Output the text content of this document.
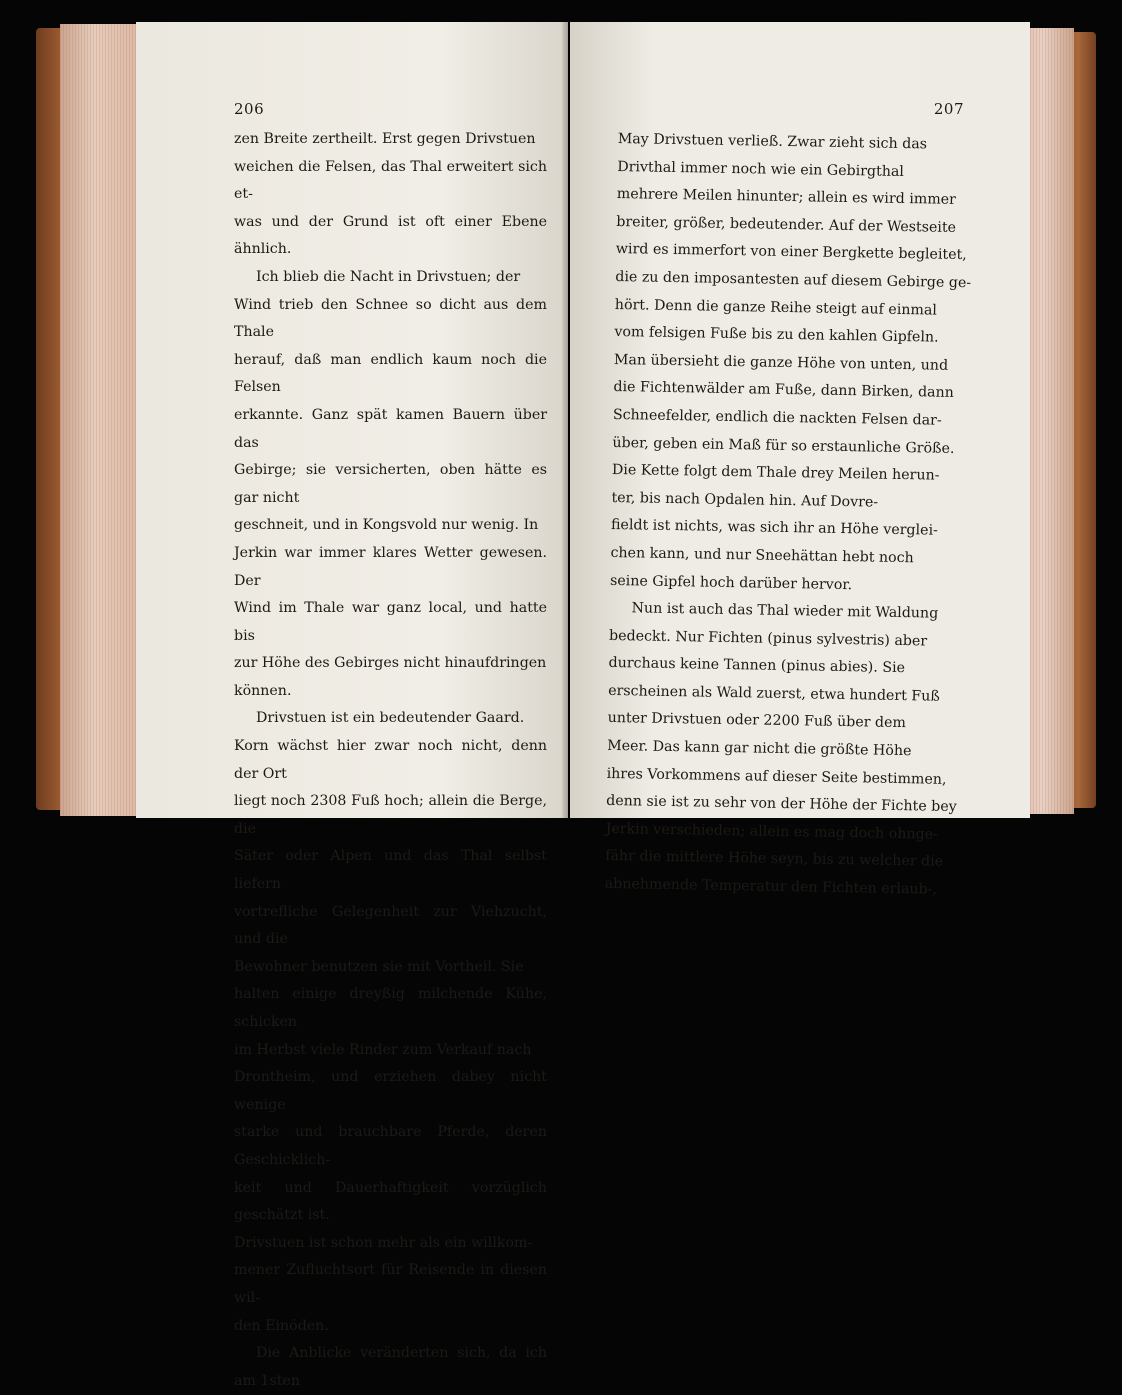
206
zen Breite zertheilt. Erst gegen Drivstuen
weichen die Felsen, das Thal erweitert sich et-
was und der Grund ist oft einer Ebene ähnlich.
Ich blieb die Nacht in Drivstuen; der
Wind trieb den Schnee so dicht aus dem Thale
herauf, daß man endlich kaum noch die Felsen
erkannte. Ganz spät kamen Bauern über das
Gebirge; sie versicherten, oben hätte es gar nicht
geschneit, und in Kongsvold nur wenig. In
Jerkin war immer klares Wetter gewesen. Der
Wind im Thale war ganz local, und hatte bis
zur Höhe des Gebirges nicht hinaufdringen
können.
Drivstuen ist ein bedeutender Gaard.
Korn wächst hier zwar noch nicht, denn der Ort
liegt noch 2308 Fuß hoch; allein die Berge, die
Säter oder Alpen und das Thal selbst liefern
vortrefliche Gelegenheit zur Viehzucht, und die
Bewohner benutzen sie mit Vortheil. Sie
halten einige dreyßig milchende Kühe, schicken
im Herbst viele Rinder zum Verkauf nach
Drontheim, und erziehen dabey nicht wenige
starke und brauchbare Pferde, deren Geschicklich-
keit und Dauerhaftigkeit vorzüglich geschätzt ist.
Drivstuen ist schon mehr als ein willkom-
mener Zufluchtsort für Reisende in diesen wil-
den Einöden.
Die Anblicke veränderten sich, da ich am 1sten
207
May Drivstuen verließ. Zwar zieht sich das
Drivthal immer noch wie ein Gebirgthal
mehrere Meilen hinunter; allein es wird immer
breiter, größer, bedeutender. Auf der Westseite
wird es immerfort von einer Bergkette begleitet,
die zu den imposantesten auf diesem Gebirge ge-
hört. Denn die ganze Reihe steigt auf einmal
vom felsigen Fuße bis zu den kahlen Gipfeln.
Man übersieht die ganze Höhe von unten, und
die Fichtenwälder am Fuße, dann Birken, dann
Schneefelder, endlich die nackten Felsen dar-
über, geben ein Maß für so erstaunliche Größe.
Die Kette folgt dem Thale drey Meilen herun-
ter, bis nach Opdalen hin. Auf Dovre-
fieldt ist nichts, was sich ihr an Höhe verglei-
chen kann, und nur Sneehättan hebt noch
seine Gipfel hoch darüber hervor.
Nun ist auch das Thal wieder mit Waldung
bedeckt. Nur Fichten (pinus sylvestris) aber
durchaus keine Tannen (pinus abies). Sie
erscheinen als Wald zuerst, etwa hundert Fuß
unter Drivstuen oder 2200 Fuß über dem
Meer. Das kann gar nicht die größte Höhe
ihres Vorkommens auf dieser Seite bestimmen,
denn sie ist zu sehr von der Höhe der Fichte bey
Jerkin verschieden; allein es mag doch ohnge-
fähr die mittlere Höhe seyn, bis zu welcher die
abnehmende Temperatur den Fichten erlaub-,
